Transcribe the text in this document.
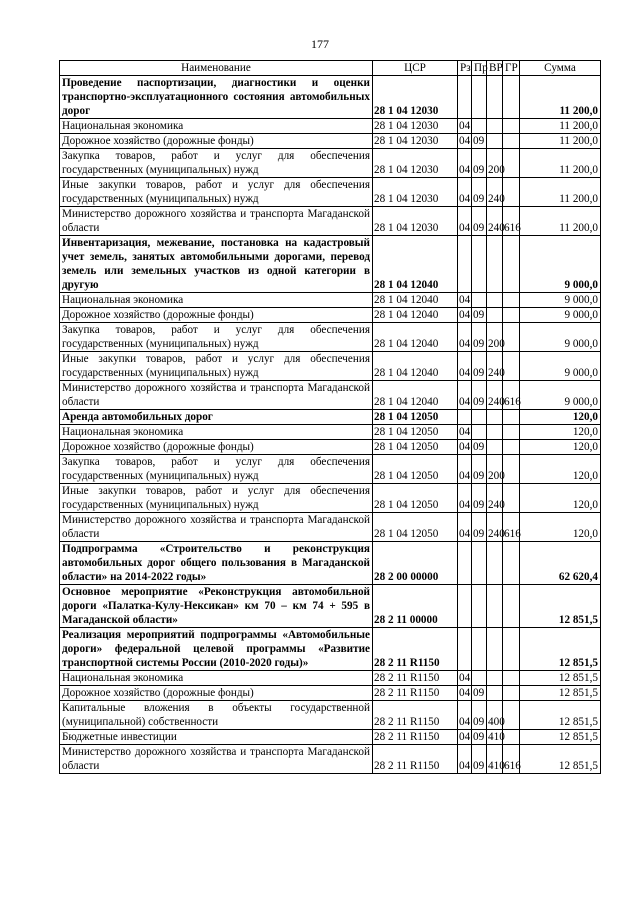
177
Наименование	ЦСР	Рз	Пр	ВР	ГР	Сумма
Проведение паспортизации, диагностики и оценки транспортно-эксплуатационного состояния автомобильных дорог	28 1 04 12030					11 200,0
Национальная экономика	28 1 04 12030	04				11 200,0
Дорожное хозяйство (дорожные фонды)	28 1 04 12030	04	09			11 200,0
Закупка товаров, работ и услуг для обеспечения государственных (муниципальных) нужд	28 1 04 12030	04	09	200		11 200,0
Иные закупки товаров, работ и услуг для обеспечения государственных (муниципальных) нужд	28 1 04 12030	04	09	240		11 200,0
Министерство дорожного хозяйства и транспорта Магаданской области	28 1 04 12030	04	09	240	616	11 200,0
Инвентаризация, межевание, постановка на кадастровый учет земель, занятых автомобильными дорогами, перевод земель или земельных участков из одной категории в другую	28 1 04 12040					9 000,0
Национальная экономика	28 1 04 12040	04				9 000,0
Дорожное хозяйство (дорожные фонды)	28 1 04 12040	04	09			9 000,0
Закупка товаров, работ и услуг для обеспечения государственных (муниципальных) нужд	28 1 04 12040	04	09	200		9 000,0
Иные закупки товаров, работ и услуг для обеспечения государственных (муниципальных) нужд	28 1 04 12040	04	09	240		9 000,0
Министерство дорожного хозяйства и транспорта Магаданской области	28 1 04 12040	04	09	240	616	9 000,0
Аренда автомобильных дорог	28 1 04 12050					120,0
Национальная экономика	28 1 04 12050	04				120,0
Дорожное хозяйство (дорожные фонды)	28 1 04 12050	04	09			120,0
Закупка товаров, работ и услуг для обеспечения государственных (муниципальных) нужд	28 1 04 12050	04	09	200		120,0
Иные закупки товаров, работ и услуг для обеспечения государственных (муниципальных) нужд	28 1 04 12050	04	09	240		120,0
Министерство дорожного хозяйства и транспорта Магаданской области	28 1 04 12050	04	09	240	616	120,0
Подпрограмма «Строительство и реконструкция автомобильных дорог общего пользования в Магаданской области» на 2014-2022 годы»	28 2 00 00000					62 620,4
Основное мероприятие «Реконструкция автомобильной дороги «Палатка-Кулу-Нексикан» км 70 – км 74 + 595 в Магаданской области»	28 2 11 00000					12 851,5
Реализация мероприятий подпрограммы «Автомобильные дороги» федеральной целевой программы «Развитие транспортной системы России (2010-2020 годы)»	28 2 11 R1150					12 851,5
Национальная экономика	28 2 11 R1150	04				12 851,5
Дорожное хозяйство (дорожные фонды)	28 2 11 R1150	04	09			12 851,5
Капитальные вложения в объекты государственной (муниципальной) собственности	28 2 11 R1150	04	09	400		12 851,5
Бюджетные инвестиции	28 2 11 R1150	04	09	410		12 851,5
Министерство дорожного хозяйства и транспорта Магаданской области	28 2 11 R1150	04	09	410	616	12 851,5
